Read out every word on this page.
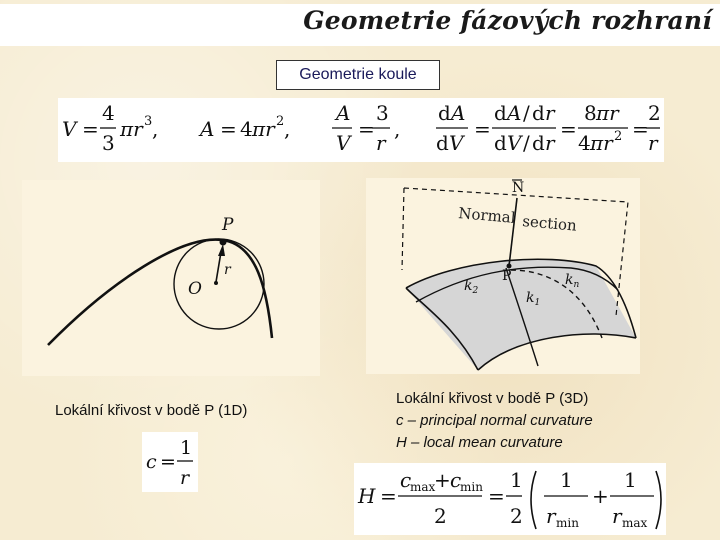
Geometrie fázových rozhraní
Geometrie koule
V =
4
3
πr 3 , A = 4 πr 2 ,
A
V
=
3
r
,
d A
d V
=
d A / d r
d V / d r
=
8 πr
4 πr 2 =
2
r
P
O
r
N
Normal section
P
$k_2$	$k_1$
$k_n$
Lokální křivost v bodě P (1D)
Lokální křivost v bodě P (3D)
c – principal normal curvature
H – local mean curvature
c =
1
r
H =
c
max
+ c
min
2
=
1
2
1
r min
+
1
r max
